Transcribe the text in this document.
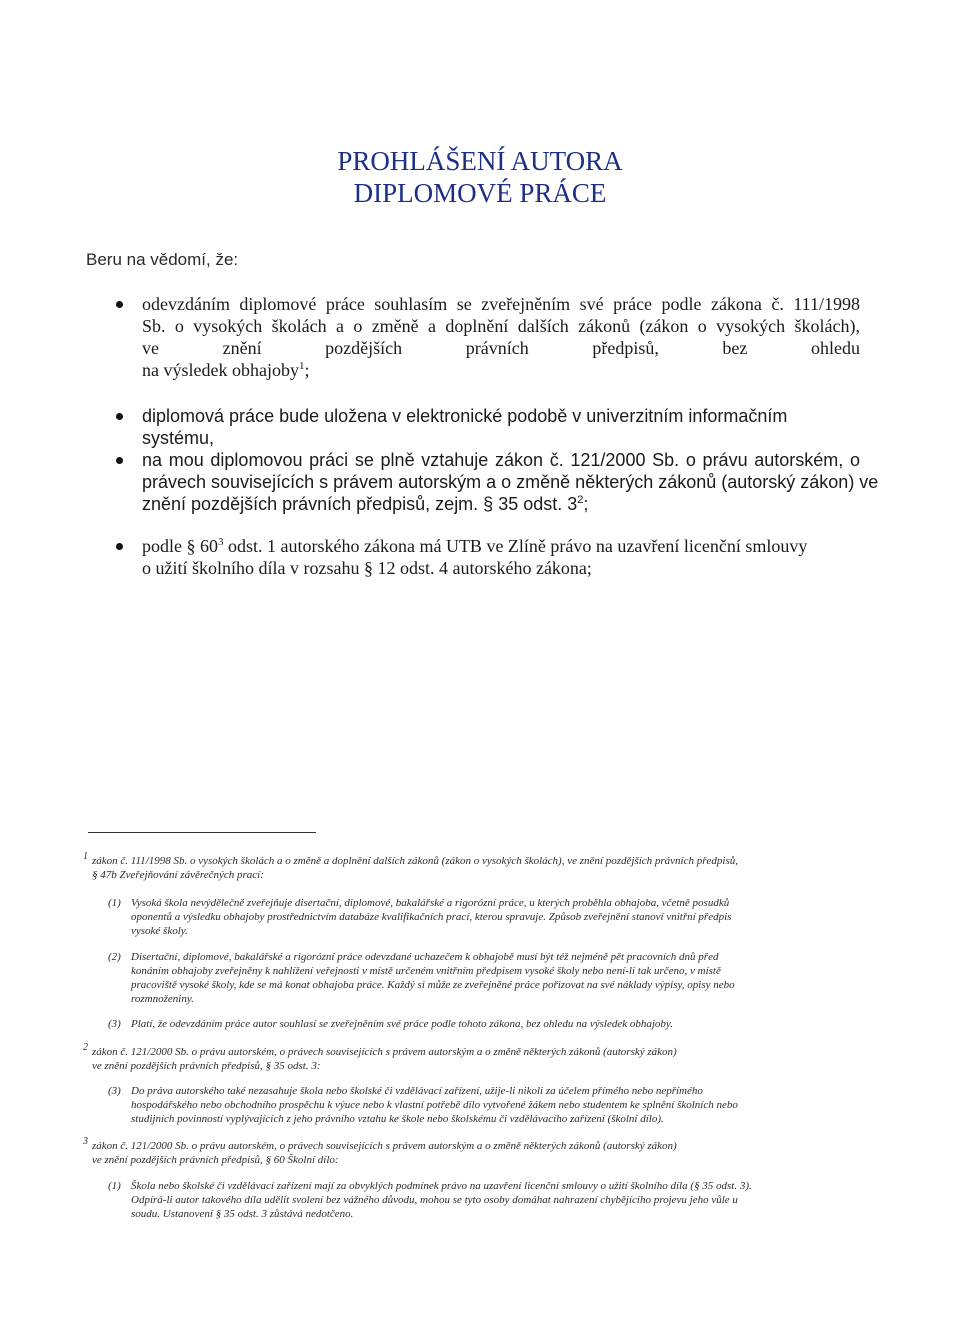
PROHLÁŠENÍ AUTORA
DIPLOMOVÉ PRÁCE

Beru na vědomí, že:

odevzdáním diplomové práce souhlasím se zveřejněním své práce podle zákona č. 111/1998
Sb. o vysokých školách a o změně a doplnění dalších zákonů (zákon o vysokých školách),
ve znění pozdějších právních předpisů, bez ohledu
na výsledek obhajoby$^1$;
diplomová práce bude uložena v elektronické podobě v univerzitním informačním systému,
na mou diplomovou práci se plně vztahuje zákon č. 121/2000 Sb. o právu autorském, o
právech souvisejících s právem autorským a o změně některých zákonů (autorský zákon) ve
znění pozdějších právních předpisů, zejm. § 35 odst. $3^2$;
podle § $60^3$ odst. 1 autorského zákona má UTB ve Zlíně právo na uzavření licenční smlouvy
o užití školního díla v rozsahu § 12 odst. 4 autorského zákona;

1 zákon č. 111/1998 Sb. o vysokých školách a o změně a doplnění dalších zákonů (zákon o vysokých školách), ve znění pozdějších právních předpisů,
§ 47b Zveřejňování závěrečných prací:

(1) Vysoká škola nevýdělečně zveřejňuje disertační, diplomové, bakalářské a rigorózní práce, u kterých proběhla obhajoba, včetně posudků
oponentů a výsledku obhajoby prostřednictvím databáze kvalifikačních prací, kterou spravuje. Způsob zveřejnění stanoví vnitřní předpis
vysoké školy.

(2) Disertační, diplomové, bakalářské a rigorózní práce odevzdané uchazečem k obhajobě musí být též nejméně pět pracovních dnů před
konáním obhajoby zveřejněny k nahlížení veřejnosti v místě určeném vnitřním předpisem vysoké školy nebo není-li tak určeno, v místě
pracoviště vysoké školy, kde se má konat obhajoba práce. Každý si může ze zveřejněné práce pořizovat na své náklady výpisy, opisy nebo
rozmnoženiny.

(3) Platí, že odevzdáním práce autor souhlasí se zveřejněním své práce podle tohoto zákona, bez ohledu na výsledek obhajoby.

2 zákon č. 121/2000 Sb. o právu autorském, o právech souvisejících s právem autorským a o změně některých zákonů (autorský zákon)
ve znění pozdějších právních předpisů, § 35 odst. 3:

(3) Do práva autorského také nezasahuje škola nebo školské či vzdělávací zařízení, užije-li nikoli za účelem přímého nebo nepřímého
hospodářského nebo obchodního prospěchu k výuce nebo k vlastní potřebě dílo vytvořené žákem nebo studentem ke splnění školních nebo
studijních povinností vyplývajících z jeho právního vztahu ke škole nebo školskému či vzdělávacího zařízení (školní dílo).

3 zákon č. 121/2000 Sb. o právu autorském, o právech souvisejících s právem autorským a o změně některých zákonů (autorský zákon)
ve znění pozdějších právních předpisů, § 60 Školní dílo:

(1) Škola nebo školské či vzdělávací zařízení mají za obvyklých podmínek právo na uzavření licenční smlouvy o užití školního díla (§ 35 odst. 3).
Odpírá-li autor takového díla udělit svolení bez vážného důvodu, mohou se tyto osoby domáhat nahrazení chybějícího projevu jeho vůle u
soudu. Ustanovení § 35 odst. 3 zůstává nedotčeno.
